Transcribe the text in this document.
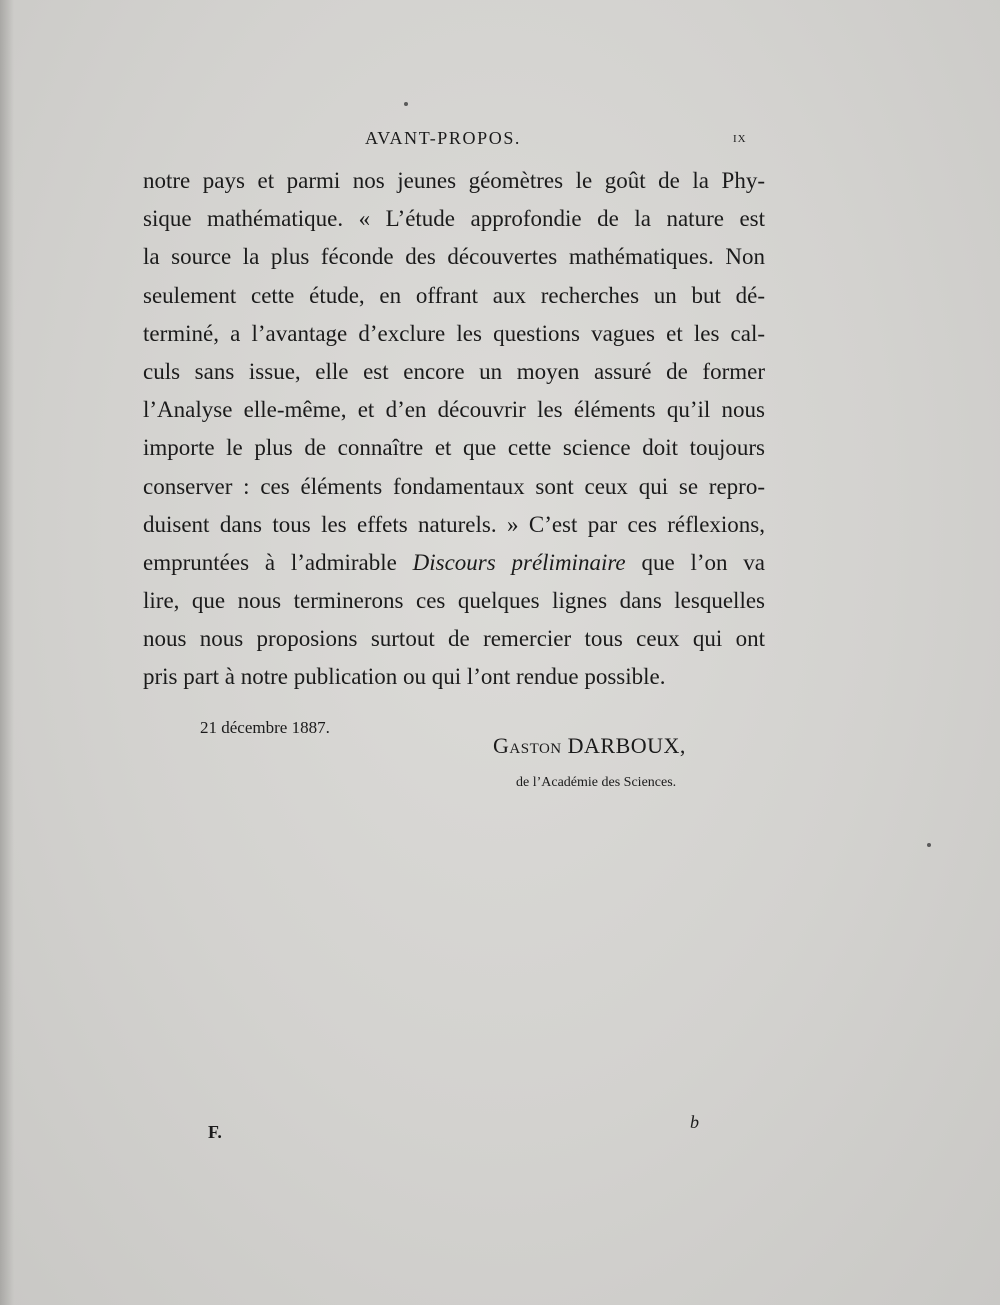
AVANT-PROPOS.	ix
notre pays et parmi nos jeunes géomètres le goût de la Phy-
sique mathématique. « L’étude approfondie de la nature est
la source la plus féconde des découvertes mathématiques. Non
seulement cette étude, en offrant aux recherches un but dé-
terminé, a l’avantage d’exclure les questions vagues et les cal-
culs sans issue, elle est encore un moyen assuré de former
l’Analyse elle-même, et d’en découvrir les éléments qu’il nous
importe le plus de connaître et que cette science doit toujours
conserver : ces éléments fondamentaux sont ceux qui se repro-
duisent dans tous les effets naturels. » C’est par ces réflexions,
empruntées à l’admirable Discours préliminaire que l’on va
lire, que nous terminerons ces quelques lignes dans lesquelles
nous nous proposions surtout de remercier tous ceux qui ont
pris part à notre publication ou qui l’ont rendue possible.
21 décembre 1887.
Gaston DARBOUX,
de l’Académie des Sciences.
F.	b
